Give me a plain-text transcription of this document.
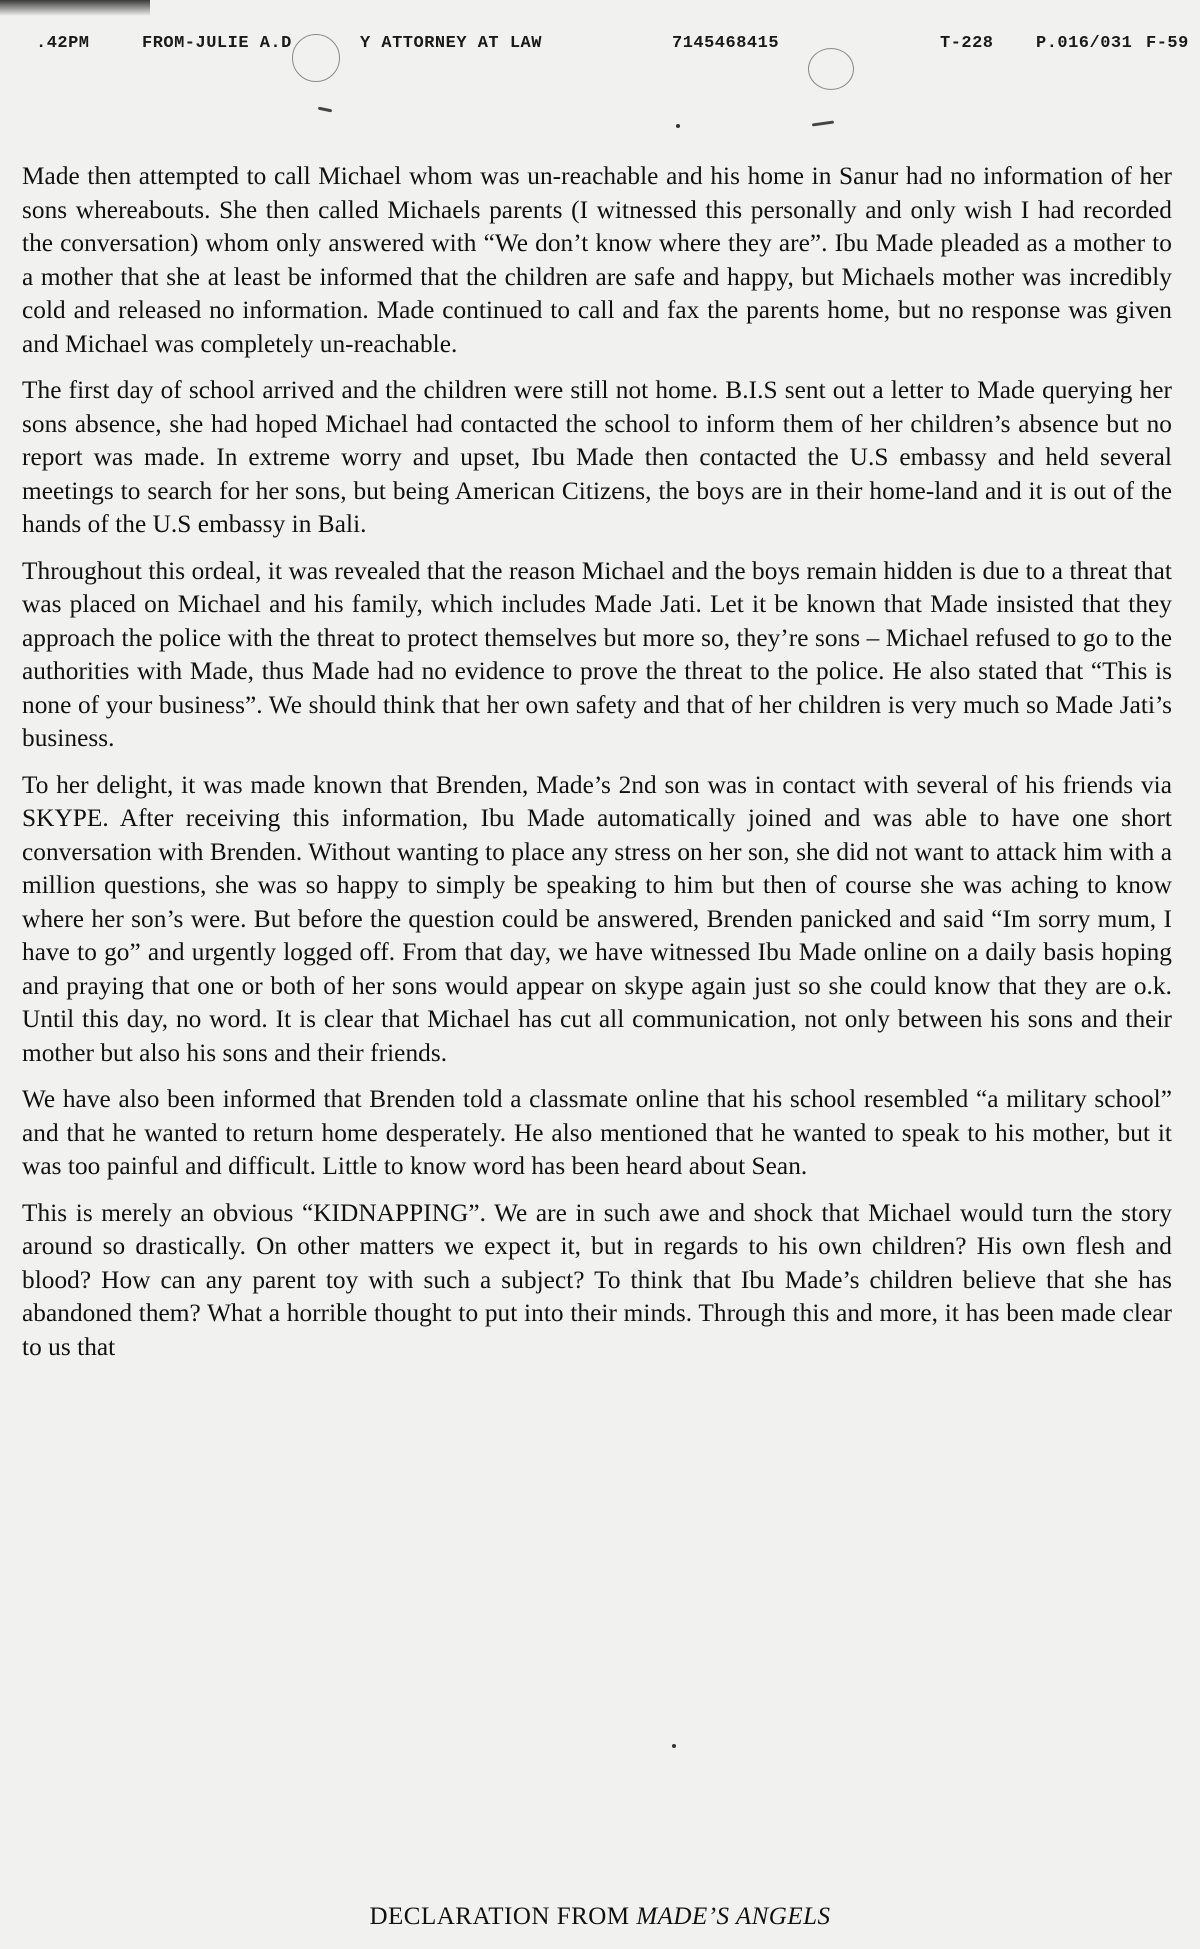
.42PM	FROM-JULIE A.D	Y ATTORNEY AT LAW	7145468415	T-228 P.016/031 F-59

Made then attempted to call Michael whom was un-reachable and his home in Sanur had no information of her sons whereabouts. She then called Michaels parents (I witnessed this personally and only wish I had recorded the conversation) whom only answered with “We don’t know where they are”. Ibu Made pleaded as a mother to a mother that she at least be informed that the children are safe and happy, but Michaels mother was incredibly cold and released no information. Made continued to call and fax the parents home, but no response was given and Michael was completely un-reachable.

The first day of school arrived and the children were still not home. B.I.S sent out a letter to Made querying her sons absence, she had hoped Michael had contacted the school to inform them of her children’s absence but no report was made. In extreme worry and upset, Ibu Made then contacted the U.S embassy and held several meetings to search for her sons, but being American Citizens, the boys are in their home-land and it is out of the hands of the U.S embassy in Bali.

Throughout this ordeal, it was revealed that the reason Michael and the boys remain hidden is due to a threat that was placed on Michael and his family, which includes Made Jati. Let it be known that Made insisted that they approach the police with the threat to protect themselves but more so, they’re sons – Michael refused to go to the authorities with Made, thus Made had no evidence to prove the threat to the police. He also stated that “This is none of your business”. We should think that her own safety and that of her children is very much so Made Jati’s business.

To her delight, it was made known that Brenden, Made’s 2nd son was in contact with several of his friends via SKYPE. After receiving this information, Ibu Made automatically joined and was able to have one short conversation with Brenden. Without wanting to place any stress on her son, she did not want to attack him with a million questions, she was so happy to simply be speaking to him but then of course she was aching to know where her son’s were. But before the question could be answered, Brenden panicked and said “Im sorry mum, I have to go” and urgently logged off. From that day, we have witnessed Ibu Made online on a daily basis hoping and praying that one or both of her sons would appear on skype again just so she could know that they are o.k. Until this day, no word. It is clear that Michael has cut all communication, not only between his sons and their mother but also his sons and their friends.

We have also been informed that Brenden told a classmate online that his school resembled “a military school” and that he wanted to return home desperately. He also mentioned that he wanted to speak to his mother, but it was too painful and difficult. Little to know word has been heard about Sean.

This is merely an obvious “KIDNAPPING”. We are in such awe and shock that Michael would turn the story around so drastically. On other matters we expect it, but in regards to his own children? His own flesh and blood? How can any parent toy with such a subject? To think that Ibu Made’s children believe that she has abandoned them? What a horrible thought to put into their minds. Through this and more, it has been made clear to us that

DECLARATION FROM MADE’S ANGELS
